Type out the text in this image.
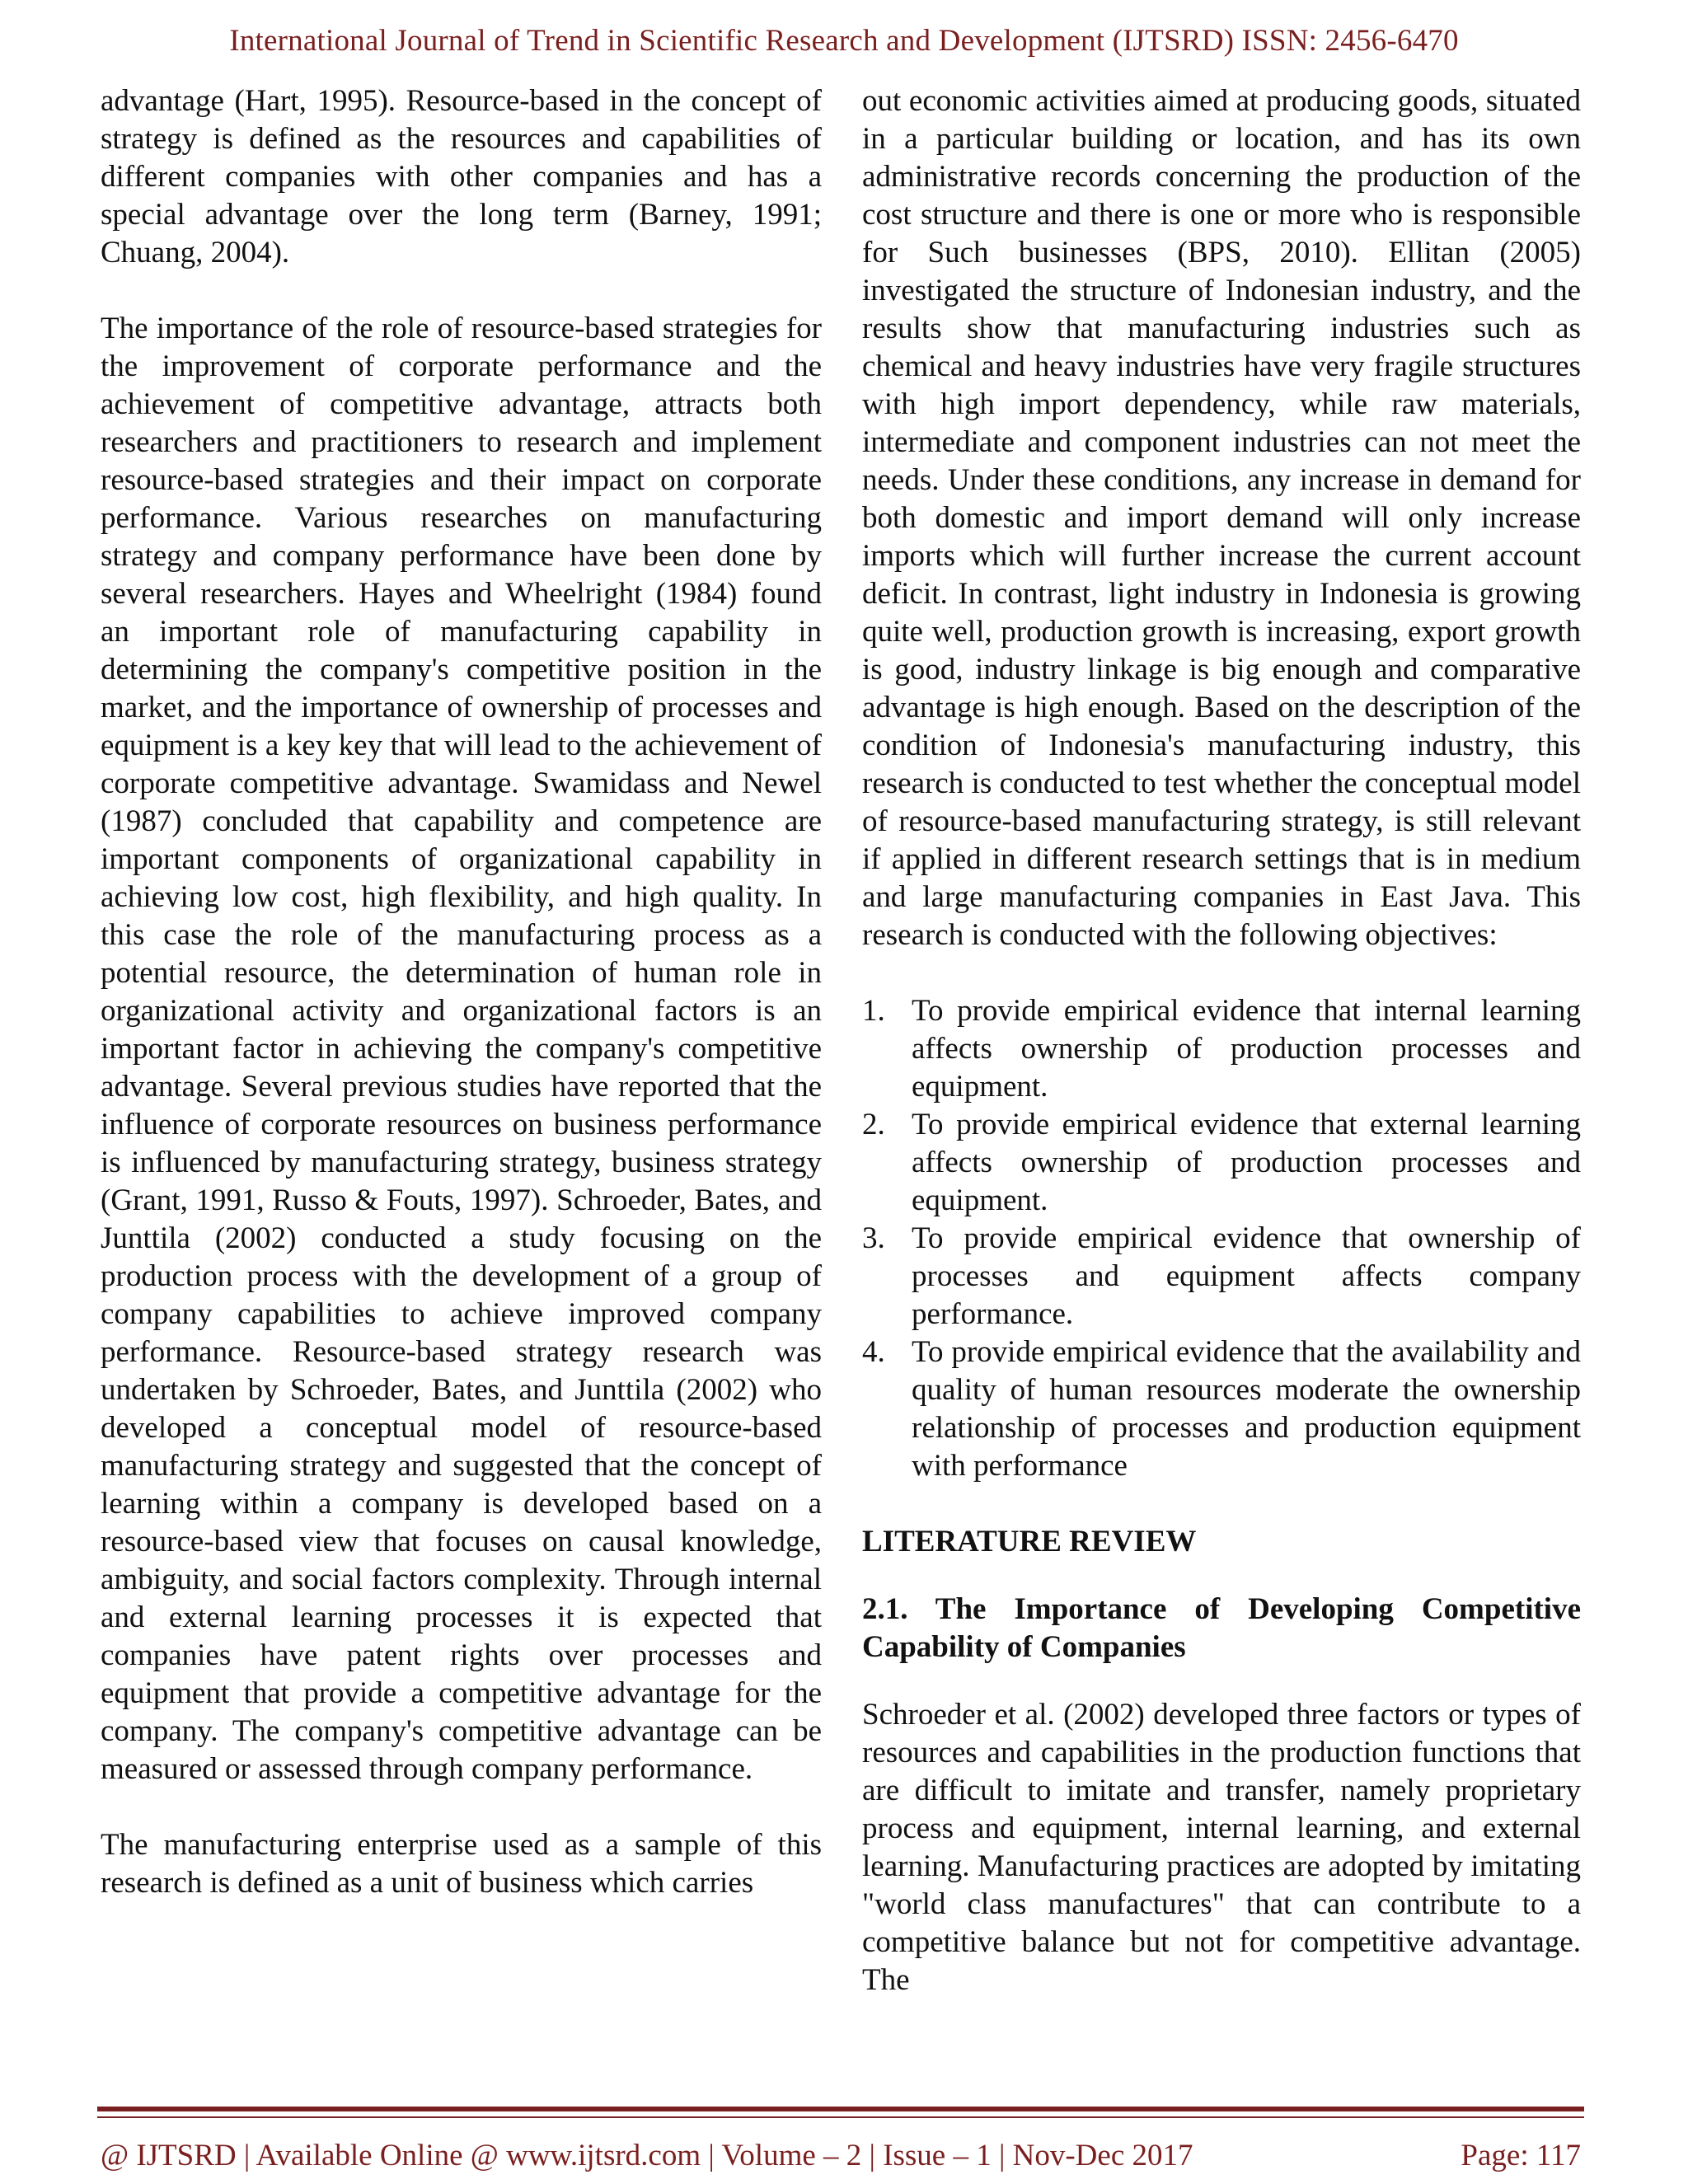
International Journal of Trend in Scientific Research and Development (IJTSRD) ISSN: 2456-6470

advantage (Hart, 1995). Resource-based in the concept of strategy is defined as the resources and capabilities of different companies with other companies and has a special advantage over the long term (Barney, 1991; Chuang, 2004).

The importance of the role of resource-based strategies for the improvement of corporate performance and the achievement of competitive advantage, attracts both researchers and practitioners to research and implement resource-based strategies and their impact on corporate performance. Various researches on manufacturing strategy and company performance have been done by several researchers. Hayes and Wheelright (1984) found an important role of manufacturing capability in determining the company's competitive position in the market, and the importance of ownership of processes and equipment is a key key that will lead to the achievement of corporate competitive advantage. Swamidass and Newel (1987) concluded that capability and competence are important components of organizational capability in achieving low cost, high flexibility, and high quality. In this case the role of the manufacturing process as a potential resource, the determination of human role in organizational activity and organizational factors is an important factor in achieving the company's competitive advantage. Several previous studies have reported that the influence of corporate resources on business performance is influenced by manufacturing strategy, business strategy (Grant, 1991, Russo & Fouts, 1997). Schroeder, Bates, and Junttila (2002) conducted a study focusing on the production process with the development of a group of company capabilities to achieve improved company performance. Resource-based strategy research was undertaken by Schroeder, Bates, and Junttila (2002) who developed a conceptual model of resource-based manufacturing strategy and suggested that the concept of learning within a company is developed based on a resource-based view that focuses on causal knowledge, ambiguity, and social factors complexity. Through internal and external learning processes it is expected that companies have patent rights over processes and equipment that provide a competitive advantage for the company. The company's competitive advantage can be measured or assessed through company performance.

The manufacturing enterprise used as a sample of this research is defined as a unit of business which carries

out economic activities aimed at producing goods, situated in a particular building or location, and has its own administrative records concerning the production of the cost structure and there is one or more who is responsible for Such businesses (BPS, 2010). Ellitan (2005) investigated the structure of Indonesian industry, and the results show that manufacturing industries such as chemical and heavy industries have very fragile structures with high import dependency, while raw materials, intermediate and component industries can not meet the needs. Under these conditions, any increase in demand for both domestic and import demand will only increase imports which will further increase the current account deficit. In contrast, light industry in Indonesia is growing quite well, production growth is increasing, export growth is good, industry linkage is big enough and comparative advantage is high enough. Based on the description of the condition of Indonesia's manufacturing industry, this research is conducted to test whether the conceptual model of resource-based manufacturing strategy, is still relevant if applied in different research settings that is in medium and large manufacturing companies in East Java. This research is conducted with the following objectives:

1. To provide empirical evidence that internal learning affects ownership of production processes and equipment.
2. To provide empirical evidence that external learning affects ownership of production processes and equipment.
3. To provide empirical evidence that ownership of processes and equipment affects company performance.
4. To provide empirical evidence that the availability and quality of human resources moderate the ownership relationship of processes and production equipment with performance
LITERATURE REVIEW
2.1. The Importance of Developing Competitive Capability of Companies

Schroeder et al. (2002) developed three factors or types of resources and capabilities in the production functions that are difficult to imitate and transfer, namely proprietary process and equipment, internal learning, and external learning. Manufacturing practices are adopted by imitating "world class manufactures" that can contribute to a competitive balance but not for competitive advantage. The

@ IJTSRD | Available Online @ www.ijtsrd.com | Volume – 2 | Issue – 1 | Nov-Dec 2017	Page: 117
